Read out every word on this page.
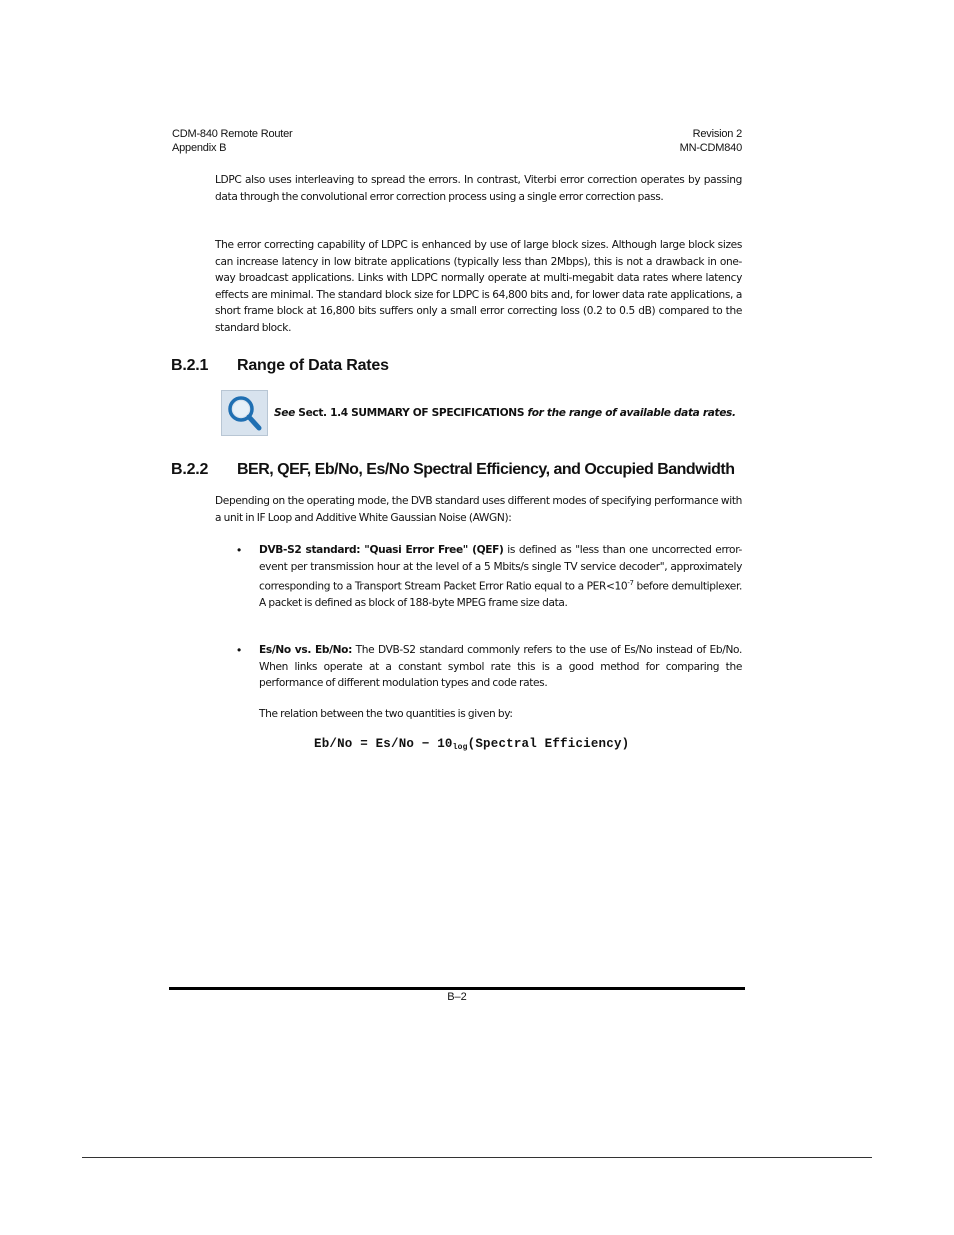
CDM-840 Remote Router
Appendix B
Revision 2
MN-CDM840
LDPC also uses interleaving to spread the errors. In contrast, Viterbi error correction operates by passing data through the convolutional error correction process using a single error correction pass.
The error correcting capability of LDPC is enhanced by use of large block sizes. Although large block sizes can increase latency in low bitrate applications (typically less than 2Mbps), this is not a drawback in one-way broadcast applications. Links with LDPC normally operate at multi-megabit data rates where latency effects are minimal. The standard block size for LDPC is 64,800 bits and, for lower data rate applications, a short frame block at 16,800 bits suffers only a small error correcting loss (0.2 to 0.5 dB) compared to the standard block.
B.2.1 Range of Data Rates
See Sect. 1.4 SUMMARY OF SPECIFICATIONS for the range of available data rates.
B.2.2 BER, QEF, Eb/No, Es/No Spectral Efficiency, and Occupied Bandwidth
Depending on the operating mode, the DVB standard uses different modes of specifying performance with a unit in IF Loop and Additive White Gaussian Noise (AWGN):
• DVB-S2 standard: "Quasi Error Free" (QEF) is defined as "less than one uncorrected error-event per transmission hour at the level of a 5 Mbits/s single TV service decoder", approximately corresponding to a Transport Stream Packet Error Ratio equal to a $PER<10^{-7}$ before demultiplexer. A packet is defined as block of 188-byte MPEG frame size data.
• Es/No vs. Eb/No: The DVB-S2 standard commonly refers to the use of Es/No instead of Eb/No. When links operate at a constant symbol rate this is a good method for comparing the performance of different modulation types and code rates.
The relation between the two quantities is given by:
Eb/No = Es/No − 10log(Spectral Efficiency)
B–2
